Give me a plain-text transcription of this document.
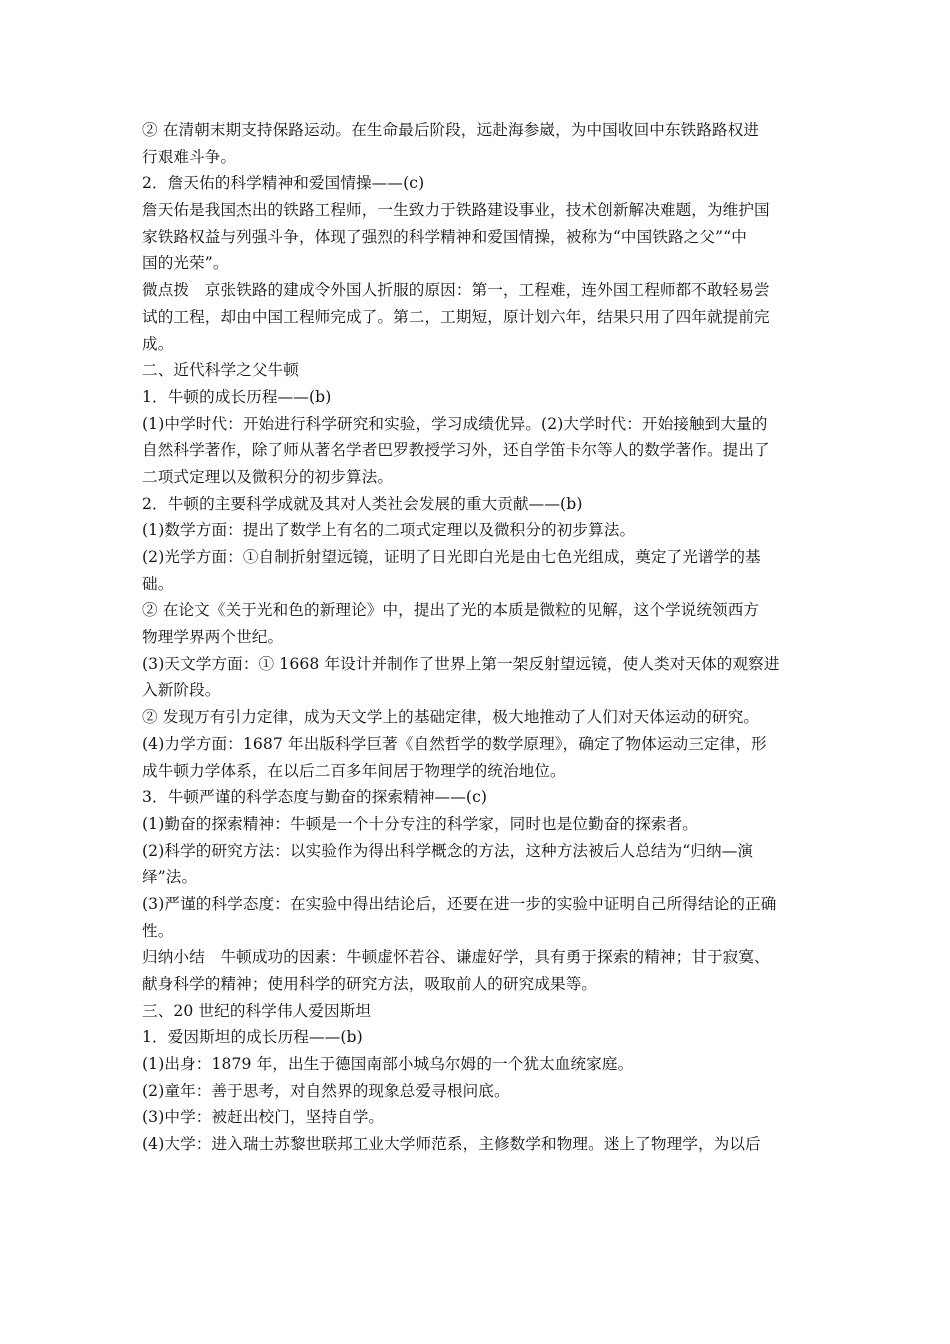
② 在清朝末期支持保路运动。在生命最后阶段，远赴海参崴，为中国收回中东铁路路权进
行艰难斗争。
2．詹天佑的科学精神和爱国情操——(c)
詹天佑是我国杰出的铁路工程师，一生致力于铁路建设事业，技术创新解决难题，为维护国
家铁路权益与列强斗争，体现了强烈的科学精神和爱国情操，被称为“中国铁路之父”“中
国的光荣”。
微点拨　京张铁路的建成令外国人折服的原因：第一，工程难，连外国工程师都不敢轻易尝
试的工程，却由中国工程师完成了。第二，工期短，原计划六年，结果只用了四年就提前完
成。
二、近代科学之父牛顿
1．牛顿的成长历程——(b)
(1)中学时代：开始进行科学研究和实验，学习成绩优异。(2)大学时代：开始接触到大量的
自然科学著作，除了师从著名学者巴罗教授学习外，还自学笛卡尔等人的数学著作。提出了
二项式定理以及微积分的初步算法。
2．牛顿的主要科学成就及其对人类社会发展的重大贡献——(b)
(1)数学方面：提出了数学上有名的二项式定理以及微积分的初步算法。
(2)光学方面：①自制折射望远镜，证明了日光即白光是由七色光组成，奠定了光谱学的基
础。
② 在论文《关于光和色的新理论》中，提出了光的本质是微粒的见解，这个学说统领西方
物理学界两个世纪。
(3)天文学方面：① 1668 年设计并制作了世界上第一架反射望远镜，使人类对天体的观察进
入新阶段。
② 发现万有引力定律，成为天文学上的基础定律，极大地推动了人们对天体运动的研究。
(4)力学方面：1687 年出版科学巨著《自然哲学的数学原理》，确定了物体运动三定律，形
成牛顿力学体系，在以后二百多年间居于物理学的统治地位。
3．牛顿严谨的科学态度与勤奋的探索精神——(c)
(1)勤奋的探索精神：牛顿是一个十分专注的科学家，同时也是位勤奋的探索者。
(2)科学的研究方法：以实验作为得出科学概念的方法，这种方法被后人总结为“归纳—演
绎”法。
(3)严谨的科学态度：在实验中得出结论后，还要在进一步的实验中证明自己所得结论的正确
性。
归纳小结　牛顿成功的因素：牛顿虚怀若谷、谦虚好学，具有勇于探索的精神；甘于寂寞、
献身科学的精神；使用科学的研究方法，吸取前人的研究成果等。
三、20 世纪的科学伟人爱因斯坦
1．爱因斯坦的成长历程——(b)
(1)出身：1879 年，出生于德国南部小城乌尔姆的一个犹太血统家庭。
(2)童年：善于思考，对自然界的现象总爱寻根问底。
(3)中学：被赶出校门，坚持自学。
(4)大学：进入瑞士苏黎世联邦工业大学师范系，主修数学和物理。迷上了物理学，为以后
